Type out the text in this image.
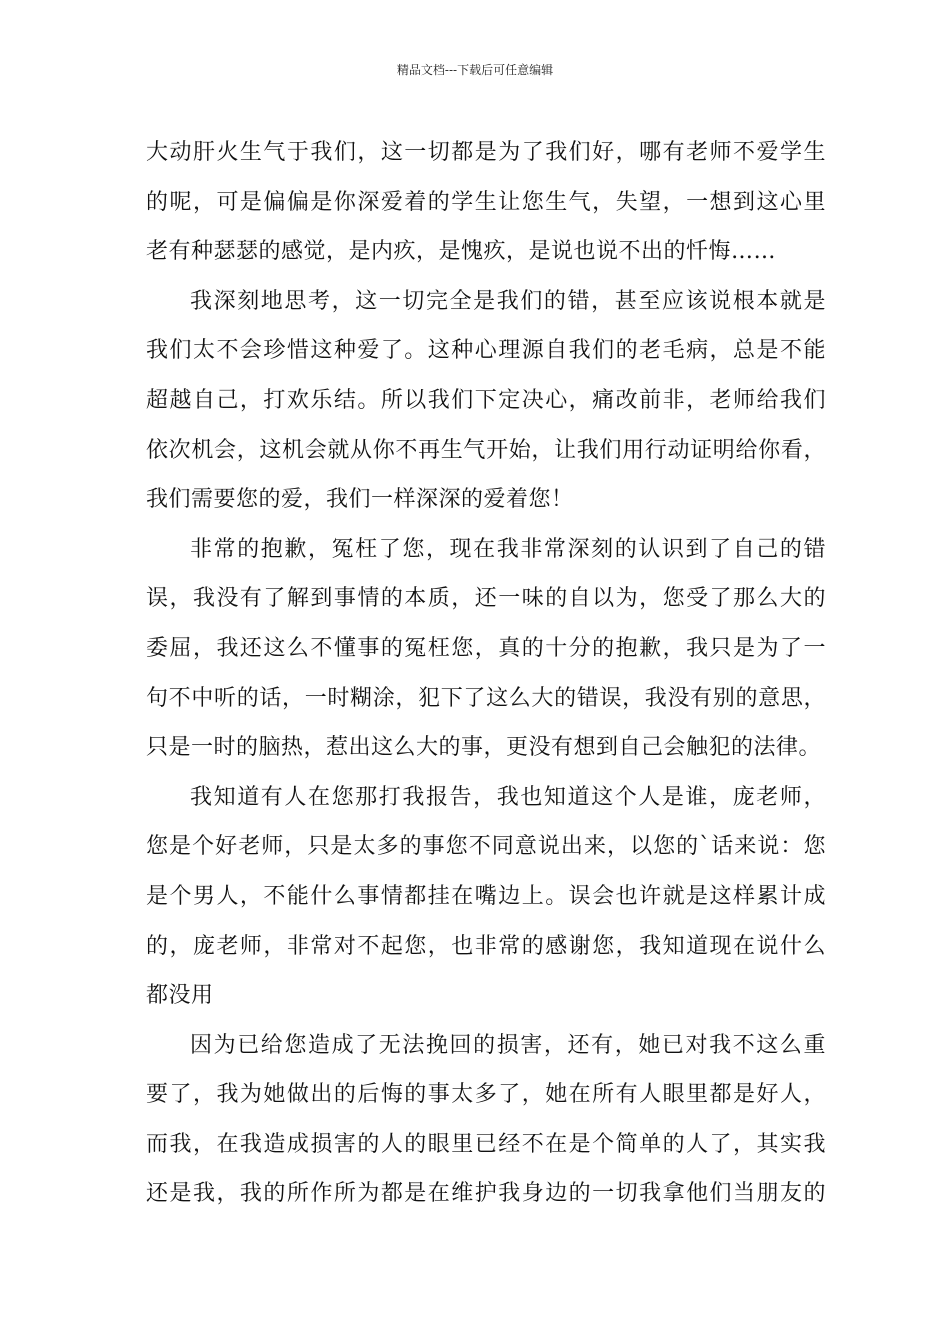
精品文档---下载后可任意编辑
大动肝火生气于我们，这一切都是为了我们好，哪有老师不爱学生
的呢，可是偏偏是你深爱着的学生让您生气，失望，一想到这心里
老有种瑟瑟的感觉，是内疚，是愧疚，是说也说不出的忏悔……
我深刻地思考，这一切完全是我们的错，甚至应该说根本就是
我们太不会珍惜这种爱了。这种心理源自我们的老毛病，总是不能
超越自己，打欢乐结。所以我们下定决心，痛改前非，老师给我们
依次机会，这机会就从你不再生气开始，让我们用行动证明给你看，
我们需要您的爱，我们一样深深的爱着您！
非常的抱歉，冤枉了您，现在我非常深刻的认识到了自己的错
误，我没有了解到事情的本质，还一味的自以为，您受了那么大的
委屈，我还这么不懂事的冤枉您，真的十分的抱歉，我只是为了一
句不中听的话，一时糊涂，犯下了这么大的错误，我没有别的意思，
只是一时的脑热，惹出这么大的事，更没有想到自己会触犯的法律。
我知道有人在您那打我报告，我也知道这个人是谁，庞老师，
您是个好老师，只是太多的事您不同意说出来，以您的`话来说：您
是个男人，不能什么事情都挂在嘴边上。误会也许就是这样累计成
的，庞老师，非常对不起您，也非常的感谢您，我知道现在说什么
都没用
因为已给您造成了无法挽回的损害，还有，她已对我不这么重
要了，我为她做出的后悔的事太多了，她在所有人眼里都是好人，
而我，在我造成损害的人的眼里已经不在是个简单的人了，其实我
还是我，我的所作所为都是在维护我身边的一切我拿他们当朋友的
